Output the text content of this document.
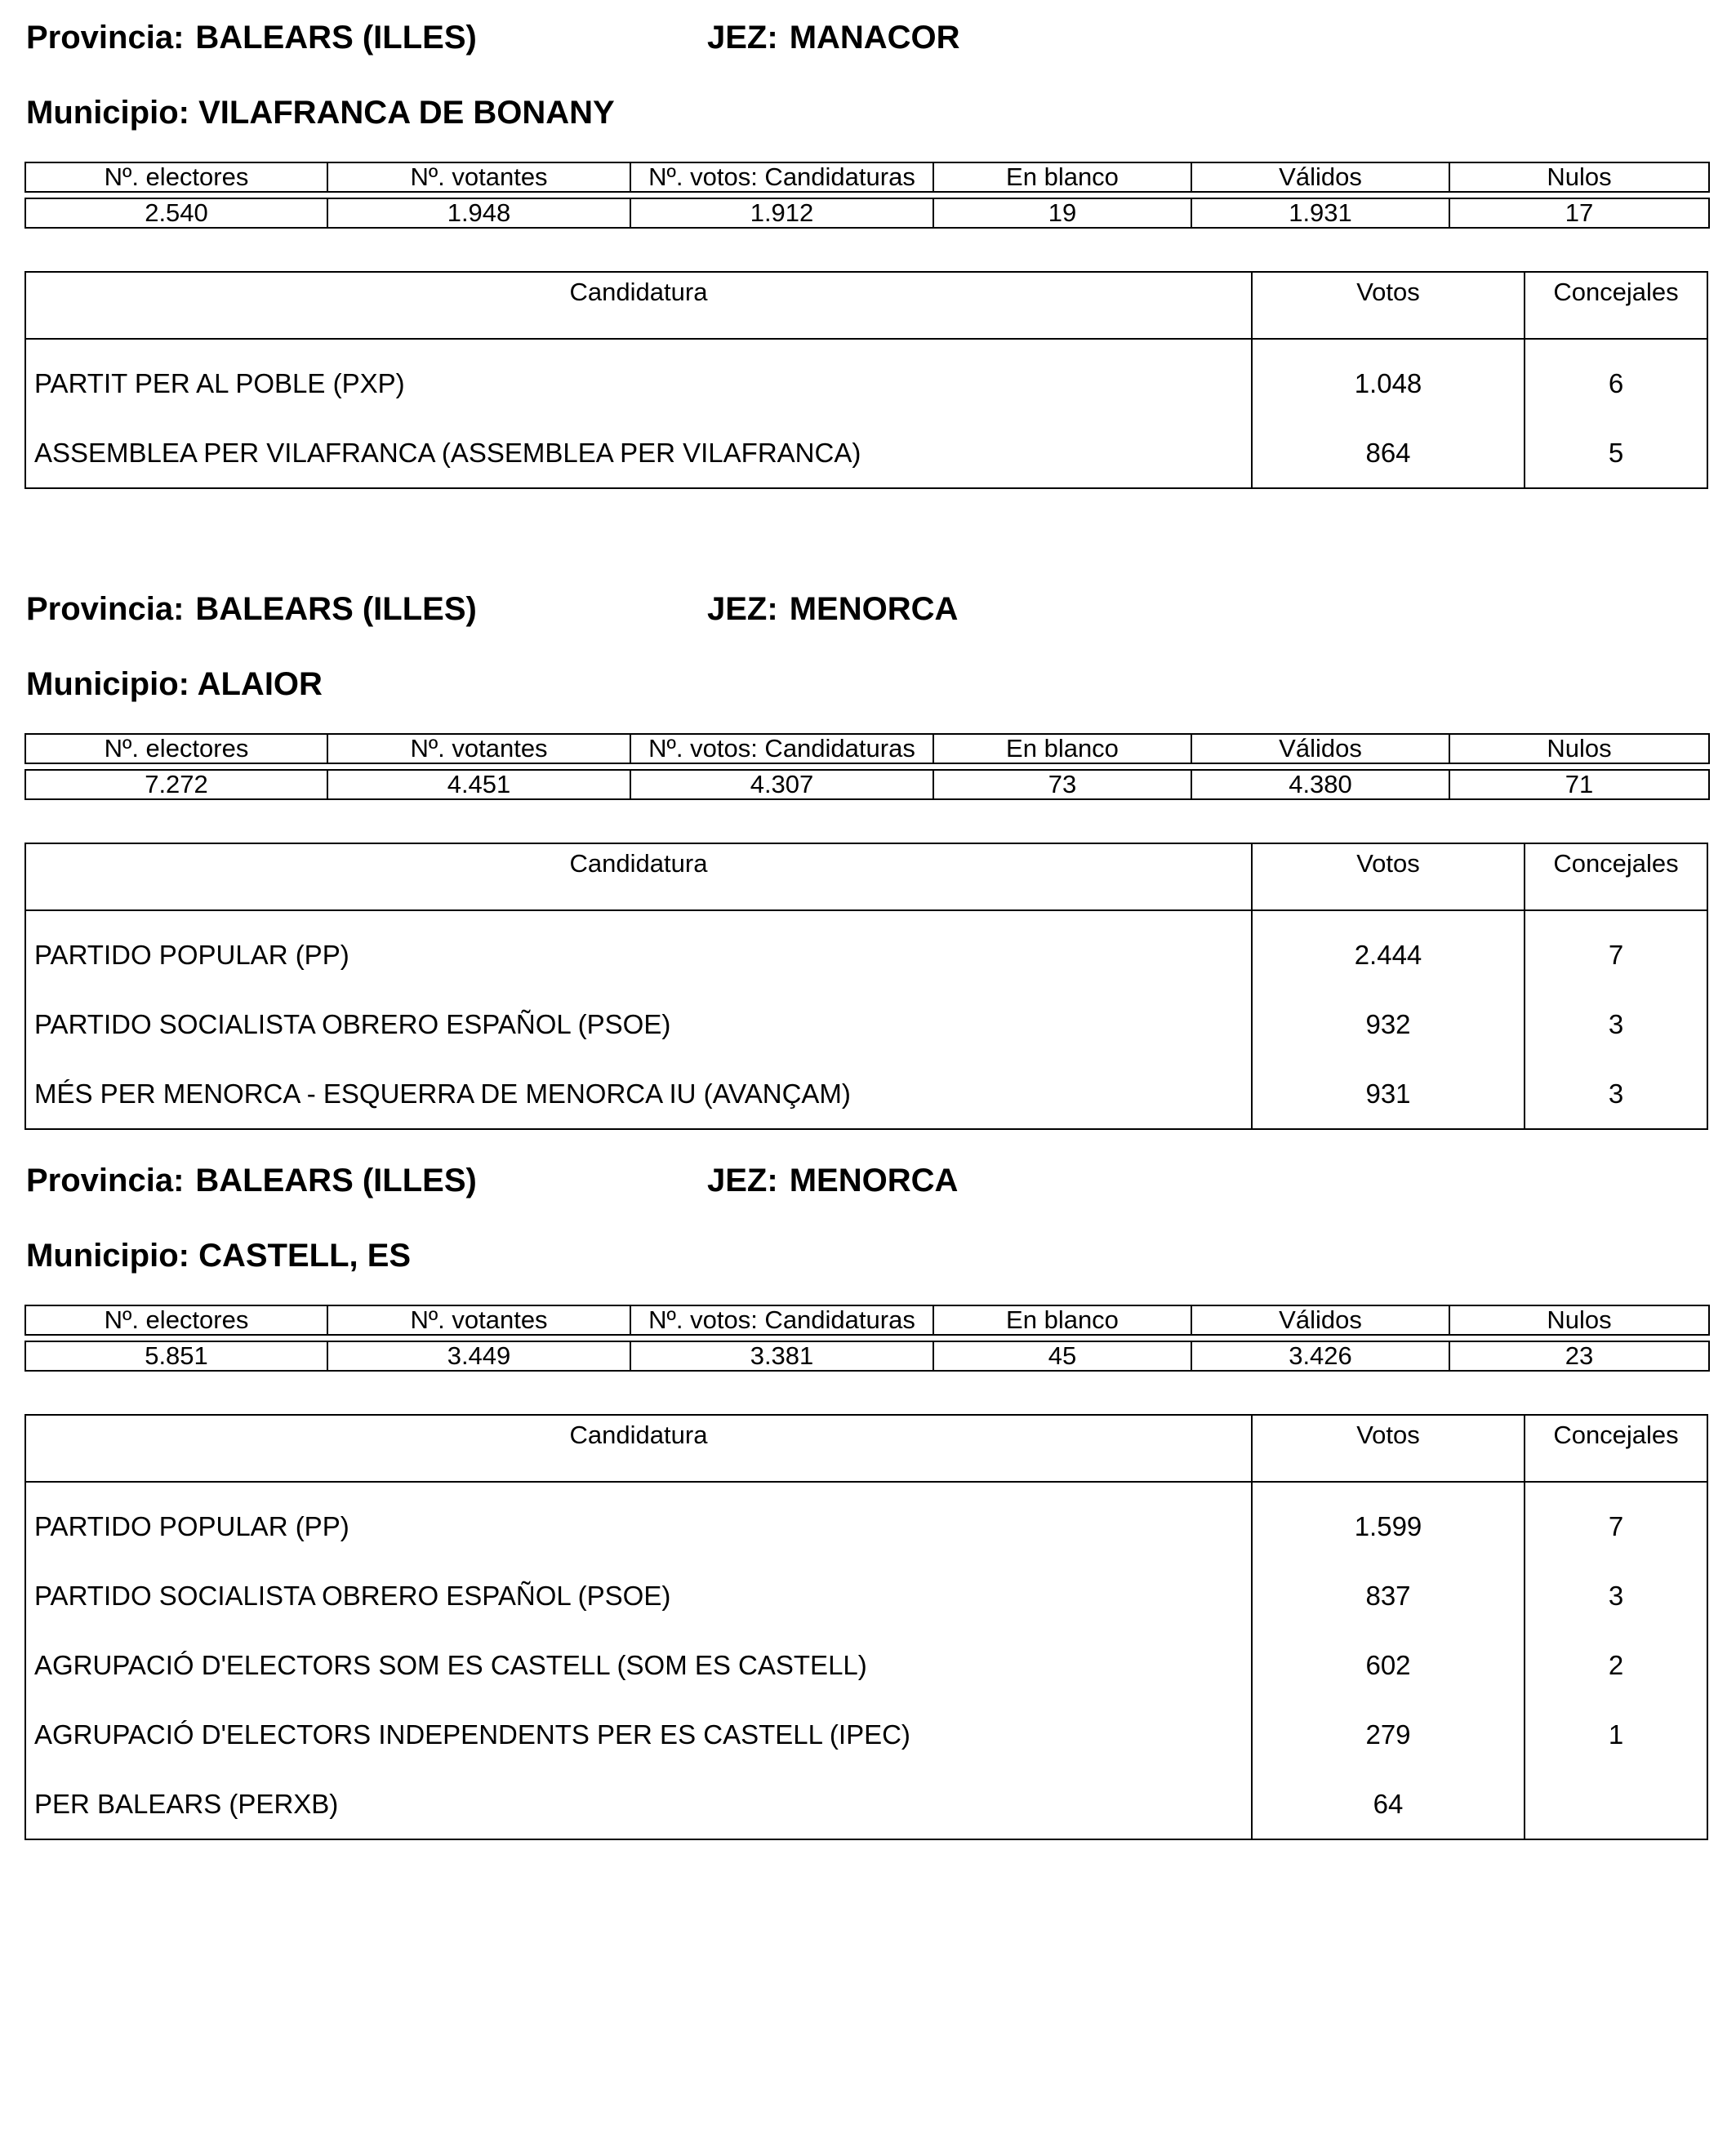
Provincia: BALEARS (ILLES)	JEZ: MANACOR
Municipio: VILAFRANCA DE BONANY
Nº. electores	Nº. votantes	Nº. votos: Candidaturas	En blanco	Válidos	Nulos

2.540	1.948	1.912	19	1.931	17
Candidatura	Votos	Concejales
PARTIT PER AL POBLE (PXP)	1.048	6
ASSEMBLEA PER VILAFRANCA (ASSEMBLEA PER VILAFRANCA)	864	5
Provincia: BALEARS (ILLES)	JEZ: MENORCA
Municipio: ALAIOR
Nº. electores	Nº. votantes	Nº. votos: Candidaturas	En blanco	Válidos	Nulos

7.272	4.451	4.307	73	4.380	71
Candidatura	Votos	Concejales
PARTIDO POPULAR (PP)	2.444	7
PARTIDO SOCIALISTA OBRERO ESPAÑOL (PSOE)	932	3
MÉS PER MENORCA - ESQUERRA DE MENORCA IU (AVANÇAM)	931	3
Provincia: BALEARS (ILLES)	JEZ: MENORCA
Municipio: CASTELL, ES
Nº. electores	Nº. votantes	Nº. votos: Candidaturas	En blanco	Válidos	Nulos

5.851	3.449	3.381	45	3.426	23
Candidatura	Votos	Concejales
PARTIDO POPULAR (PP)	1.599	7
PARTIDO SOCIALISTA OBRERO ESPAÑOL (PSOE)	837	3
AGRUPACIÓ D'ELECTORS SOM ES CASTELL (SOM ES CASTELL)	602	2
AGRUPACIÓ D'ELECTORS INDEPENDENTS PER ES CASTELL (IPEC)	279	1
PER BALEARS (PERXB)	64
